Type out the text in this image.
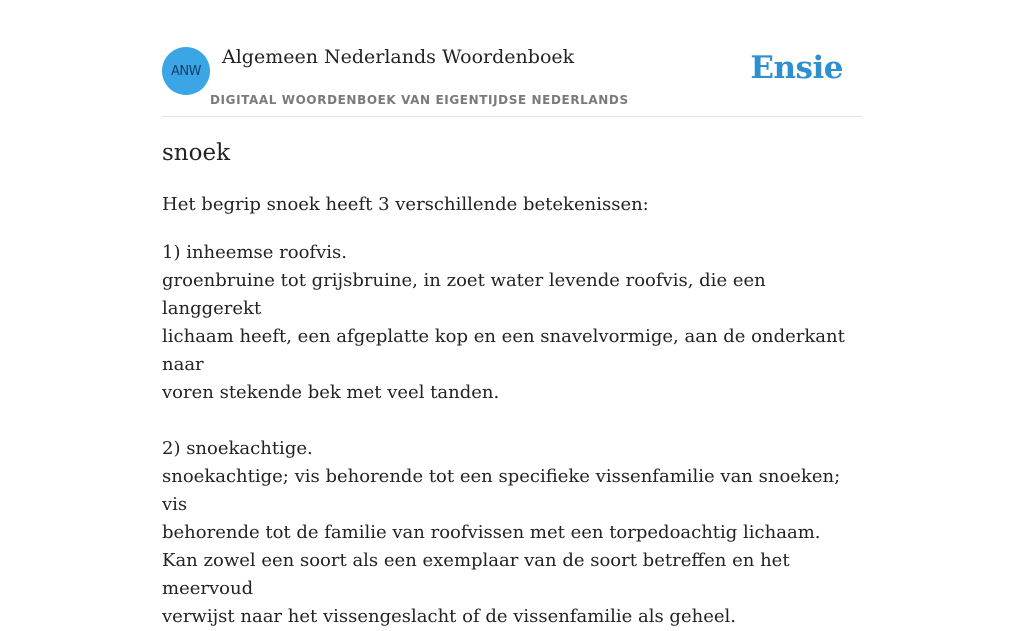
ANW
Algemeen Nederlands Woordenboek
DIGITAAL WOORDENBOEK VAN EIGENTIJDSE NEDERLANDS
Ensie
snoek

Het begrip snoek heeft 3 verschillende betekenissen:

1) inheemse roofvis.

groenbruine tot grijsbruine, in zoet water levende roofvis, die een langgerekt

lichaam heeft, een afgeplatte kop en een snavelvormige, aan de onderkant naar

voren stekende bek met veel tanden.

2) snoekachtige.

snoekachtige; vis behorende tot een specifieke vissenfamilie van snoeken; vis

behorende tot de familie van roofvissen met een torpedoachtig lichaam.

Kan zowel een soort als een exemplaar van de soort betreffen en het meervoud

verwijst naar het vissengeslacht of de vissenfamilie als geheel.
